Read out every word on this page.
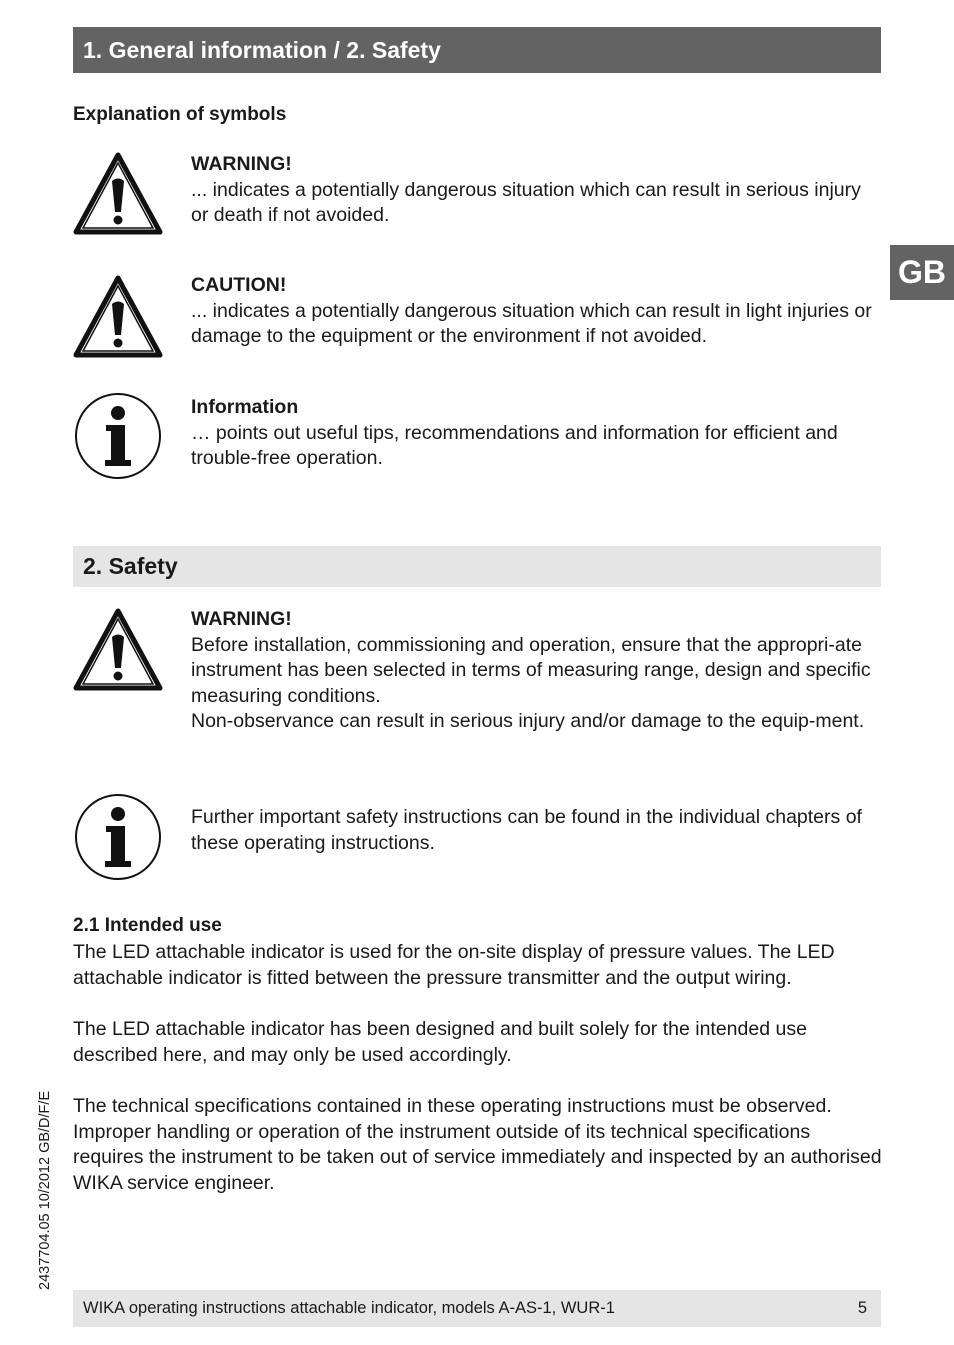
1. General information / 2. Safety
GB
Explanation of symbols
WARNING!
... indicates a potentially dangerous situation which can result in serious injury or death if not avoided.
CAUTION!
... indicates a potentially dangerous situation which can result in light injuries or damage to the equipment or the environment if not avoided.
Information
… points out useful tips, recommendations and information for efficient and trouble-free operation.
2. Safety
WARNING!
Before installation, commissioning and operation, ensure that the appropri-ate instrument has been selected in terms of measuring range, design and specific measuring conditions.
Non-observance can result in serious injury and/or damage to the equip-ment.
Further important safety instructions can be found in the individual chapters of these operating instructions.
2.1 Intended use

The LED attachable indicator is used for the on-site display of pressure values. The LED attachable indicator is fitted between the pressure transmitter and the output wiring.

The LED attachable indicator has been designed and built solely for the intended use described here, and may only be used accordingly.

The technical specifications contained in these operating instructions must be observed. Improper handling or operation of the instrument outside of its technical specifications requires the instrument to be taken out of service immediately and inspected by an authorised WIKA service engineer.

2437704.05 10/2012 GB/D/F/E
WIKA operating instructions attachable indicator, models A-AS-1, WUR-1	5
